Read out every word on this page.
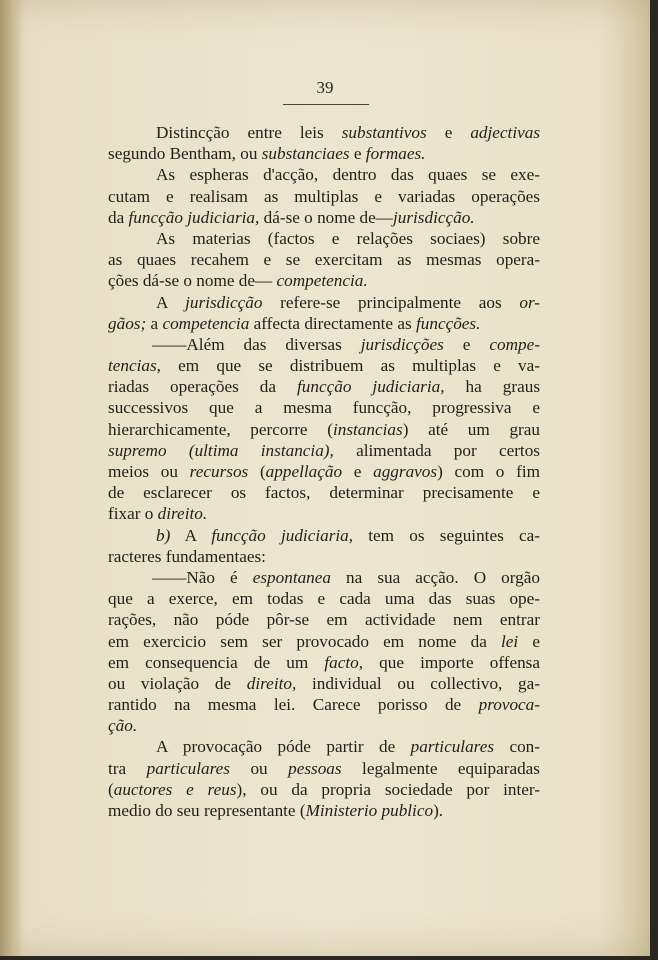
39
Distincção entre leis substantivos e adjectivas
segundo Bentham, ou substanciaes e formaes.
As espheras d'acção, dentro das quaes se exe-
cutam e realisam as multiplas e variadas operações
da funcção judiciaria, dá-se o nome de—jurisdicção.
As materias (factos e relações sociaes) sobre
as quaes recahem e se exercitam as mesmas opera-
ções dá-se o nome de— competencia.
A jurisdicção refere-se principalmente aos or-
gãos; a competencia affecta directamente as funcções.
——Além das diversas jurisdicções e compe-
tencias, em que se distribuem as multiplas e va-
riadas operações da funcção judiciaria, ha graus
successivos que a mesma funcção, progressiva e
hierarchicamente, percorre (instancias) até um grau
supremo (ultima instancia), alimentada por certos
meios ou recursos (appellação e aggravos) com o fim
de esclarecer os factos, determinar precisamente e
fixar o direito.
b) A funcção judiciaria, tem os seguintes ca-
racteres fundamentaes:
——Não é espontanea na sua acção. O orgão
que a exerce, em todas e cada uma das suas ope-
rações, não póde pôr-se em actividade nem entrar
em exercicio sem ser provocado em nome da lei e
em consequencia de um facto, que importe offensa
ou violação de direito, individual ou collectivo, ga-
rantido na mesma lei. Carece porisso de provoca-
ção.
A provocação póde partir de particulares con-
tra particulares ou pessoas legalmente equiparadas
(auctores e reus), ou da propria sociedade por inter-
medio do seu representante (Ministerio publico).
